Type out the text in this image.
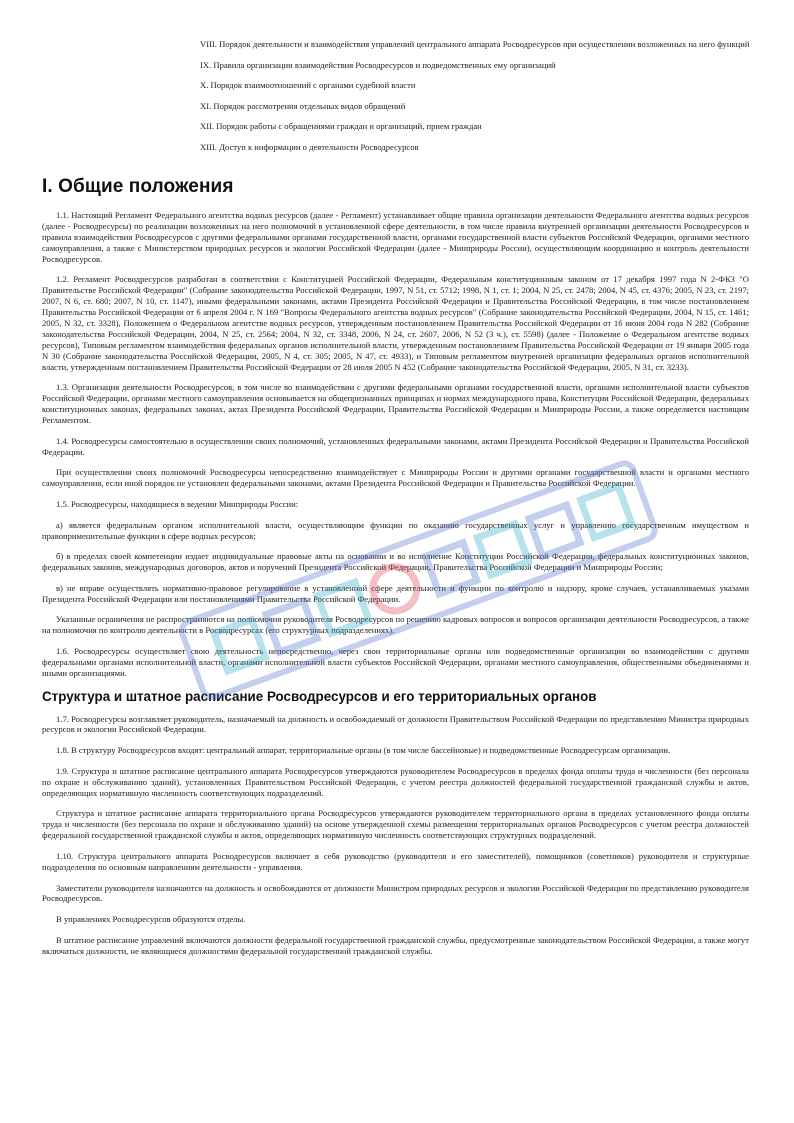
VIII. Порядок деятельности и взаимодействия управлений центрального аппарата Росводресурсов при осуществлении возложенных на него функций
IX. Правила организации взаимодействия Росводресурсов и подведомственных ему организаций
X. Порядок взаимоотношений с органами судебной власти
XI. Порядок рассмотрения отдельных видов обращений
XII. Порядок работы с обращениями граждан и организаций, прием граждан
XIII. Доступ к информации о деятельности Росводресурсов
I. Общие положения

1.1. Настоящий Регламент Федерального агентства водных ресурсов (далее - Регламент) устанавливает общие правила организации деятельности Федерального агентства водных ресурсов (далее - Росводресурсы) по реализации возложенных на него полномочий в установленной сфере деятельности, в том числе правила внутренней организации деятельности Росводресурсов и правила взаимодействия Росводресурсов с другими федеральными органами государственной власти, органами государственной власти субъектов Российской Федерации, органами местного самоуправления, а также с Министерством природных ресурсов и экологии Российской Федерации (далее - Минприроды России), осуществляющим координацию и контроль деятельности Росводресурсов.

1.2. Регламент Росводресурсов разработан в соответствии с Конституцией Российской Федерации, Федеральным конституционным законом от 17 декабря 1997 года N 2-ФКЗ "О Правительстве Российской Федерации" (Собрание законодательства Российской Федерации, 1997, N 51, ст. 5712; 1998, N 1, ст. 1; 2004, N 25, ст. 2478; 2004, N 45, ст. 4376; 2005, N 23, ст. 2197; 2007, N 6, ст. 680; 2007, N 10, ст. 1147), иными федеральными законами, актами Президента Российской Федерации и Правительства Российской Федерации, в том числе постановлением Правительства Российской Федерации от 6 апреля 2004 г. N 169 "Вопросы Федерального агентства водных ресурсов" (Собрание законодательства Российской Федерации, 2004, N 15, ст. 1461; 2005, N 32, ст. 3328), Положением о Федеральном агентстве водных ресурсов, утвержденным постановлением Правительства Российской Федерации от 16 июня 2004 года N 282 (Собрание законодательства Российской Федерации, 2004, N 25, ст. 2564; 2004, N 32, ст. 3348, 2006, N 24, ст. 2607, 2006, N 52 (3 ч.), ст. 5598) (далее - Положение о Федеральном агентстве водных ресурсов), Типовым регламентом взаимодействия федеральных органов исполнительной власти, утвержденным постановлением Правительства Российской Федерации от 19 января 2005 года N 30 (Собрание законодательства Российской Федерации, 2005, N 4, ст. 305; 2005, N 47, ст. 4933), и Типовым регламентом внутренней организации федеральных органов исполнительной власти, утвержденным постановлением Правительства Российской Федерации от 28 июля 2005 N 452 (Собрание законодательства Российской Федерации, 2005, N 31, ст. 3233).

1.3. Организация деятельности Росводресурсов, в том числе во взаимодействии с другими федеральными органами государственной власти, органами исполнительной власти субъектов Российской Федерации, органами местного самоуправления основывается на общепризнанных принципах и нормах международного права, Конституции Российской Федерации, федеральных конституционных законах, федеральных законах, актах Президента Российской Федерации, Правительства Российской Федерации и Минприроды России, а также определяется настоящим Регламентом.

1.4. Росводресурсы самостоятельно в осуществлении своих полномочий, установленных федеральными законами, актами Президента Российской Федерации и Правительства Российской Федерации.

При осуществлении своих полномочий Росводресурсы непосредственно взаимодействует с Минприроды России и другими органами государственной власти и органами местного самоуправления, если иной порядок не установлен федеральными законами, актами Президента Российской Федерации и Правительства Российской Федерации.

1.5. Росводресурсы, находящиеся в ведении Минприроды России:

а) является федеральным органом исполнительной власти, осуществляющим функции по оказанию государственных услуг и управлению государственным имуществом и правоприменительные функции в сфере водных ресурсов;

б) в пределах своей компетенции издает индивидуальные правовые акты на основании и во исполнение Конституции Российской Федерации, федеральных конституционных законов, федеральных законов, международных договоров, актов и поручений Президента Российской Федерации, Правительства Российской Федерации и Минприроды России;

в) не вправе осуществлять нормативно-правовое регулирование в установленной сфере деятельности и функции по контролю и надзору, кроме случаев, устанавливаемых указами Президента Российской Федерации или постановлениями Правительства Российской Федерации.

Указанные ограничения не распространяются на полномочия руководителя Росводресурсов по решению кадровых вопросов и вопросов организации деятельности Росводресурсов, а также на полномочия по контролю деятельности в Росводресурсах (его структурных подразделениях).

1.6. Росводресурсы осуществляет свою деятельность непосредственно, через свои территориальные органы или подведомственные организации во взаимодействии с другими федеральными органами исполнительной власти, органами исполнительной власти субъектов Российской Федерации, органами местного самоуправления, общественными объединениями и иными организациями.

Структура и штатное расписание Росводресурсов и его территориальных органов

1.7. Росводресурсы возглавляет руководитель, назначаемый на должность и освобождаемый от должности Правительством Российской Федерации по представлению Министра природных ресурсов и экологии Российской Федерации.

1.8. В структуру Росводресурсов входят: центральный аппарат, территориальные органы (в том числе бассейновые) и подведомственные Росводресурсам организации.

1.9. Структура и штатное расписание центрального аппарата Росводресурсов утверждаются руководителем Росводресурсов в пределах фонда оплаты труда и численности (без персонала по охране и обслуживанию зданий), установленных Правительством Российской Федерации, с учетом реестра должностей федеральной государственной гражданской службы и актов, определяющих нормативную численность соответствующих подразделений.

Структура и штатное расписание аппарата территориального органа Росводресурсов утверждаются руководителем территориального органа в пределах установленного фонда оплаты труда и численности (без персонала по охране и обслуживанию зданий) на основе утвержденной схемы размещения территориальных органов Росводресурсов с учетом реестра должностей федеральной государственной гражданской службы и актов, определяющих нормативную численность соответствующих структурных подразделений.

1.10. Структура центрального аппарата Росводресурсов включает в себя руководство (руководителя и его заместителей), помощников (советников) руководителя и структурные подразделения по основным направлениям деятельности - управления.

Заместители руководителя назначаются на должность и освобождаются от должности Министром природных ресурсов и экологии Российской Федерации по представлению руководителя Росводресурсов.

В управлениях Росводресурсов образуются отделы.

В штатное расписание управлений включаются должности федеральной государственной гражданской службы, предусмотренные законодательством Российской Федерации, а также могут включаться должности, не являющиеся должностями федеральной государственной гражданской службы.
